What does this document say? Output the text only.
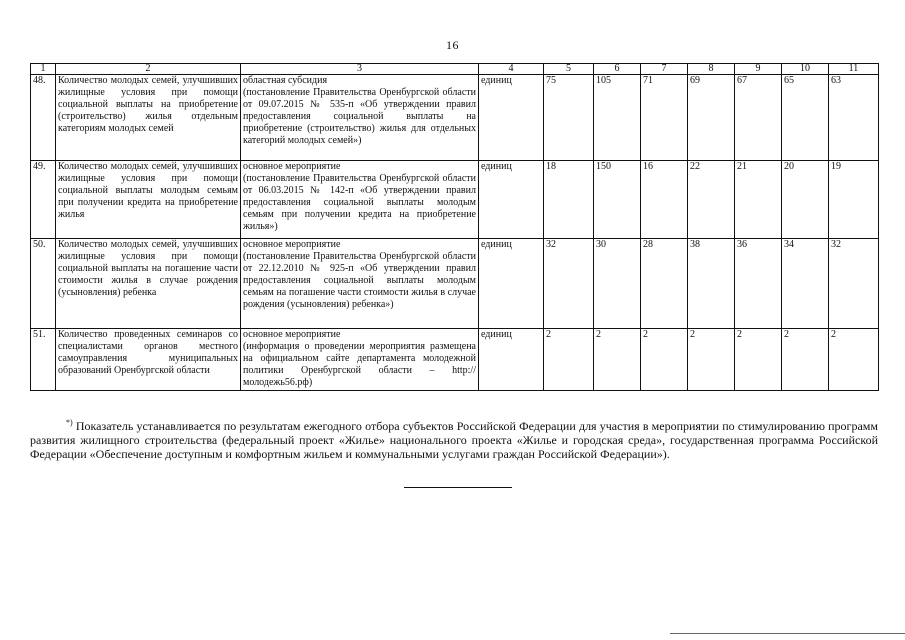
16
1	2	3	4	5	6	7	8	9	10	11
48.	Количество молодых семей, улучшивших жилищные условия при помощи социальной выплаты на приобретение (строительство) жилья отдельным категориям молодых семей	областная субсидия
(постановление Правительства Оренбургской области от 09.07.2015 № 535-п «Об утверждении правил предоставления социальной выплаты на приобретение (строительство) жилья для отдельных категорий молодых семей»)	единиц	75	105	71	69	67	65	63
49.	Количество молодых семей, улучшивших жилищные условия при помощи социальной выплаты молодым семьям при получении кредита на приобретение жилья	основное мероприятие
(постановление Правительства Оренбургской области от 06.03.2015 № 142-п «Об утверждении правил предоставления социальной выплаты молодым семьям при получении кредита на приобретение жилья»)	единиц	18	150	16	22	21	20	19
50.	Количество молодых семей, улучшивших жилищные условия при помощи социальной выплаты на погашение части стоимости жилья в случае рождения (усыновления) ребенка	основное мероприятие
(постановление Правительства Оренбургской области от 22.12.2010 № 925-п «Об утверждении правил предоставления социальной выплаты молодым семьям на погашение части стоимости жилья в случае рождения (усыновления) ребенка»)	единиц	32	30	28	38	36	34	32
51.	Количество проведенных семинаров со специалистами органов местного самоуправления муниципальных образований Оренбургской области	основное мероприятие
(информация о проведении мероприятия размещена на официальном сайте департамента молодежной политики Оренбургской области – http://молодежь56.рф)	единиц	2	2	2	2	2	2	2
*) Показатель устанавливается по результатам ежегодного отбора субъектов Российской Федерации для участия в мероприятии по стимулированию программ развития жилищного строительства (федеральный проект «Жилье» национального проекта «Жилье и городская среда», государственная программа Российской Федерации «Обеспечение доступным и комфортным жильем и коммунальными услугами граждан Российской Федерации»).
